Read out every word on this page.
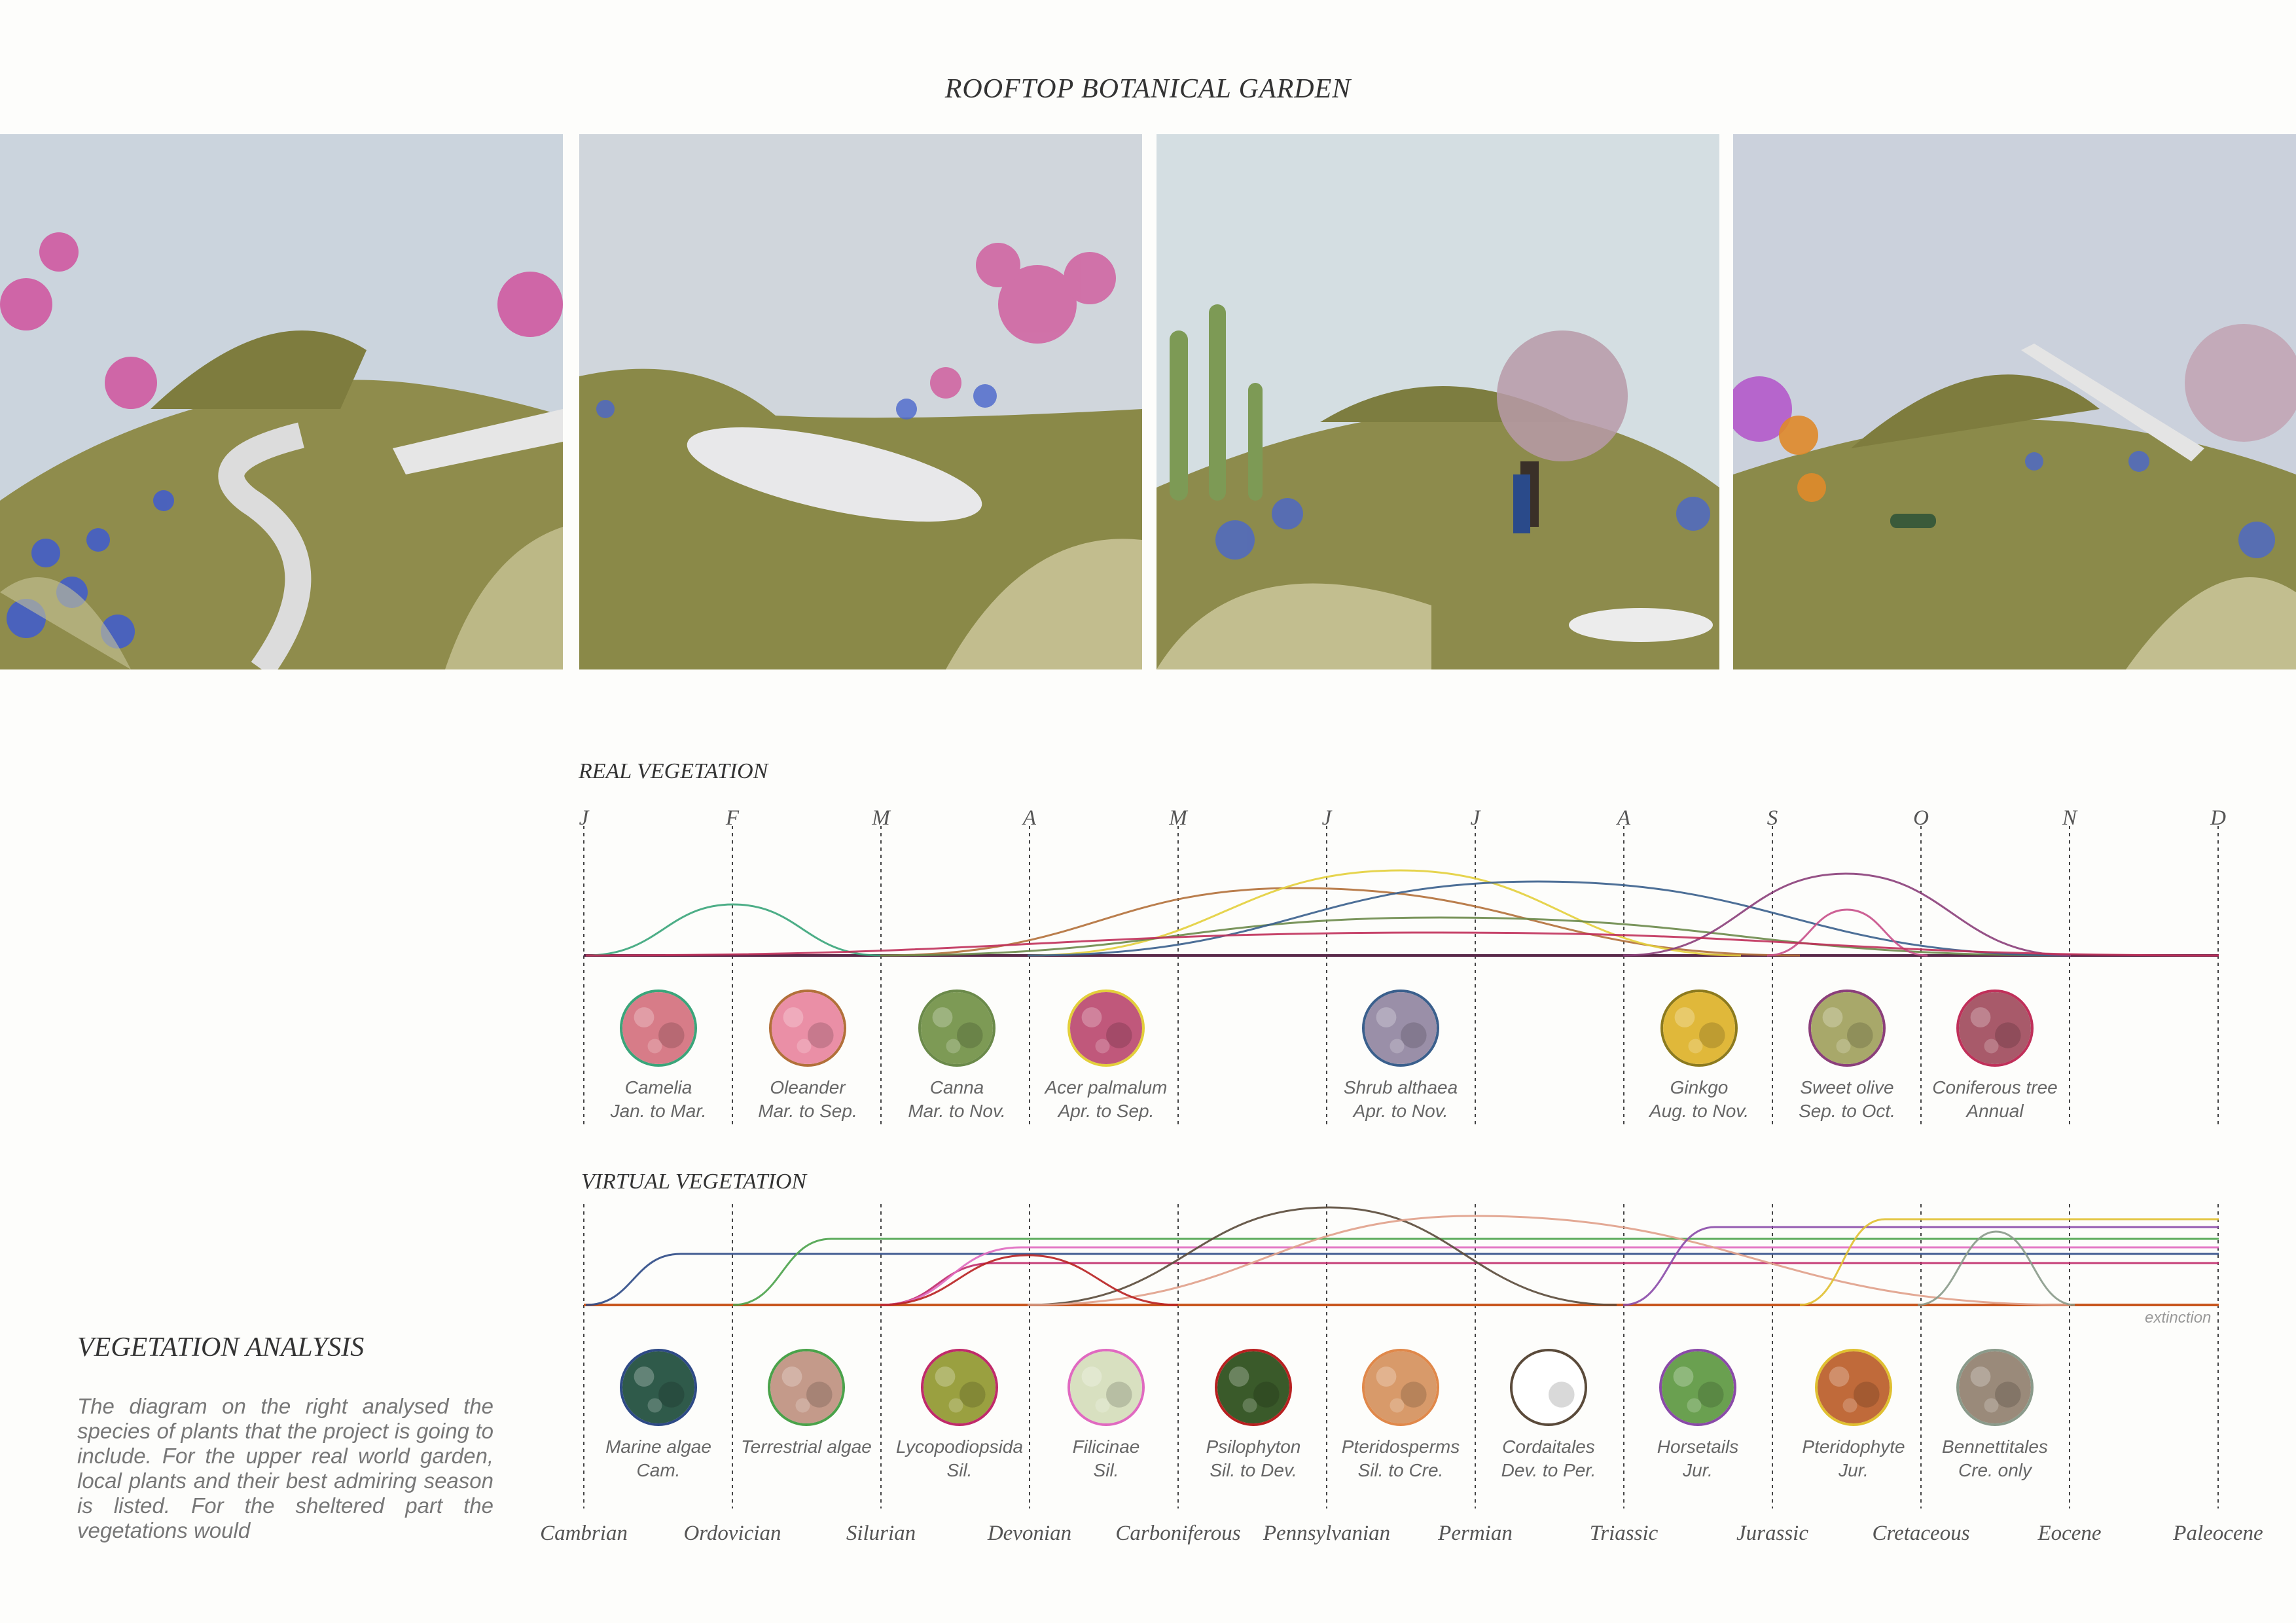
ROOFTOP BOTANICAL GARDEN
REAL VEGETATION
VIRTUAL VEGETATION
J	F	M	A	M	J	J	A	S	O	N	D
Camelia
Jan. to Mar.
Oleander
Mar. to Sep.
Canna
Mar. to Nov.
Acer palmalum
Apr. to Sep.
Shrub althaea
Apr. to Nov.
Ginkgo
Aug. to Nov.
Sweet olive
Sep. to Oct.
Coniferous tree
Annual
Marine algae
Cam.
Terrestrial algae Lycopodiopsida
Sil.
Filicinae
Sil.
Psilophyton
Sil. to Dev.
Pteridosperms
Sil. to Cre.
Cordaitales
Dev. to Per.
Horsetails
Jur.
Pteridophyte
Jur.
Bennettitales
Cre. only
Cambrian	Ordovician	Silurian	Devonian Carboniferous Pennsylvanian Permian	Triassic	Jurassic	Cretaceous	Eocene	Paleocene
extinction
VEGETATION ANALYSIS
The diagram on the right analysed the species of plants that the project is going to include. For the upper real world garden, local plants and their best admiring season is listed. For the sheltered part the vegetations would
